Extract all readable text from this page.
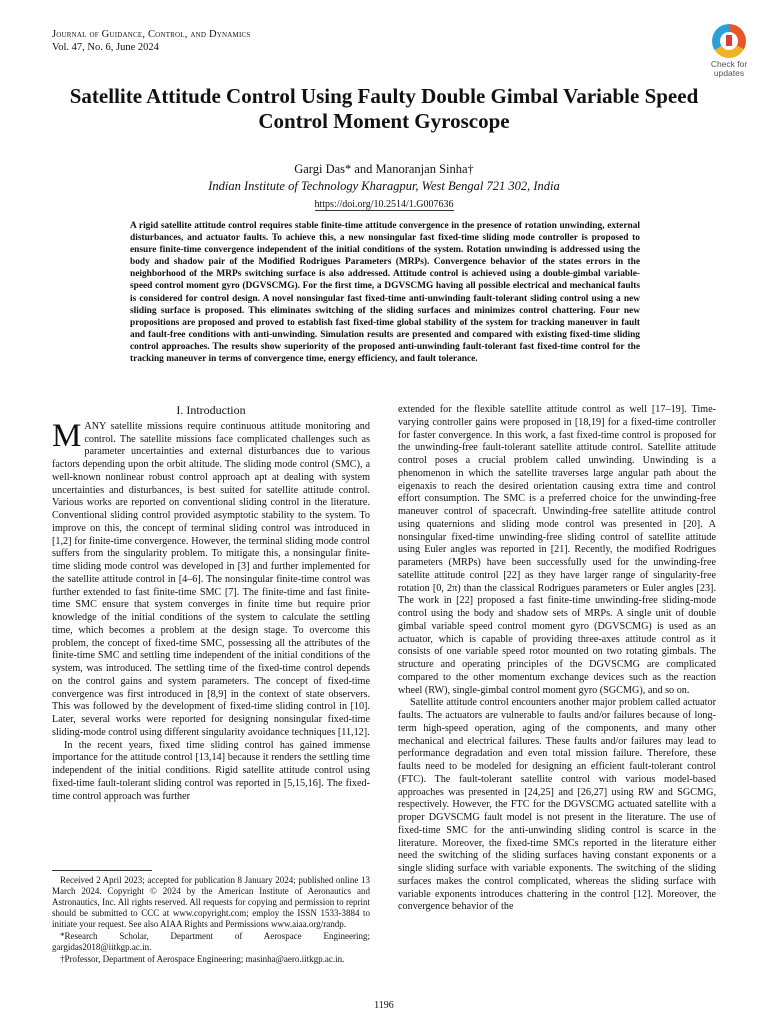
Journal of Guidance, Control, and Dynamics
Vol. 47, No. 6, June 2024
Check for updates
Satellite Attitude Control Using Faulty Double Gimbal Variable Speed Control Moment Gyroscope
Gargi Das* and Manoranjan Sinha†
Indian Institute of Technology Kharagpur, West Bengal 721 302, India
https://doi.org/10.2514/1.G007636
A rigid satellite attitude control requires stable finite-time attitude convergence in the presence of rotation unwinding, external disturbances, and actuator faults. To achieve this, a new nonsingular fast fixed-time sliding mode controller is proposed to ensure finite-time convergence independent of the initial conditions of the system. Rotation unwinding is addressed using the body and shadow pair of the Modified Rodrigues Parameters (MRPs). Convergence behavior of the states errors in the neighborhood of the MRPs switching surface is also addressed. Attitude control is achieved using a double-gimbal variable-speed control moment gyro (DGVSCMG). For the first time, a DGVSCMG having all possible electrical and mechanical faults is considered for control design. A novel nonsingular fast fixed-time anti-unwinding fault-tolerant sliding control using a new sliding surface is proposed. This eliminates switching of the sliding surfaces and minimizes control chattering. Four new propositions are proposed and proved to establish fast fixed-time global stability of the system for tracking maneuver in fault and fault-free conditions with anti-unwinding. Simulation results are presented and compared with existing fixed-time sliding control approaches. The results show superiority of the proposed anti-unwinding fault-tolerant fast fixed-time control for the tracking maneuver in terms of convergence time, energy efficiency, and fault tolerance.
I. Introduction

MANY satellite missions require continuous attitude monitoring and control. The satellite missions face complicated challenges such as parameter uncertainties and external disturbances due to various factors depending upon the orbit altitude. The sliding mode control (SMC), a well-known nonlinear robust control approach apt at dealing with system uncertainties and disturbances, is best suited for satellite attitude control. Various works are reported on conventional sliding control in the literature. Conventional sliding control provided asymptotic stability to the system. To improve on this, the concept of terminal sliding control was introduced in [1,2] for finite-time convergence. However, the terminal sliding mode control suffers from the singularity problem. To mitigate this, a nonsingular finite-time sliding mode control was developed in [3] and further implemented for the satellite attitude control in [4–6]. The nonsingular finite-time control was further extended to fast finite-time SMC [7]. The finite-time and fast finite-time SMC ensure that system converges in finite time but require prior knowledge of the initial conditions of the system to calculate the settling time, which becomes a problem at the design stage. To overcome this problem, the concept of fixed-time SMC, possessing all the attributes of the finite-time SMC and settling time independent of the initial conditions of the system, was introduced. The settling time of the fixed-time control depends on the control gains and system parameters. The concept of fixed-time convergence was first introduced in [8,9] in the context of state observers. This was followed by the development of fixed-time sliding control in [10]. Later, several works were reported for designing nonsingular fixed-time sliding-mode control using different singularity avoidance techniques [11,12].

In the recent years, fixed time sliding control has gained immense importance for the attitude control [13,14] because it renders the settling time independent of the initial conditions. Rigid satellite attitude control using fixed-time fault-tolerant sliding control was reported in [5,15,16]. The fixed-time control approach was further

extended for the flexible satellite attitude control as well [17–19]. Time-varying controller gains were proposed in [18,19] for a fixed-time controller for faster convergence. In this work, a fast fixed-time control is proposed for the unwinding-free fault-tolerant satellite attitude control. Satellite attitude control poses a crucial problem called unwinding. Unwinding is a phenomenon in which the satellite traverses large angular path about the eigenaxis to reach the desired orientation causing extra time and control effort consumption. The SMC is a preferred choice for the unwinding-free maneuver control of spacecraft. Unwinding-free satellite attitude control using quaternions and sliding mode control was presented in [20]. A nonsingular fixed-time unwinding-free sliding control of satellite attitude using Euler angles was reported in [21]. Recently, the modified Rodrigues parameters (MRPs) have been successfully used for the unwinding-free satellite attitude control [22] as they have larger range of singularity-free rotation [0, 2π) than the classical Rodrigues parameters or Euler angles [23]. The work in [22] proposed a fast finite-time unwinding-free sliding-mode control using the body and shadow sets of MRPs. A single unit of double gimbal variable speed control moment gyro (DGVSCMG) is used as an actuator, which is capable of providing three-axes attitude control as it consists of one variable speed rotor mounted on two rotating gimbals. The structure and operating principles of the DGVSCMG are complicated compared to the other momentum exchange devices such as the reaction wheel (RW), single-gimbal control moment gyro (SGCMG), and so on.

Satellite attitude control encounters another major problem called actuator faults. The actuators are vulnerable to faults and/or failures because of long-term high-speed operation, aging of the components, and many other mechanical and electrical failures. These faults and/or failures may lead to performance degradation and even total mission failure. Therefore, these faults need to be modeled for designing an efficient fault-tolerant control (FTC). The fault-tolerant satellite control with various model-based approaches was presented in [24,25] and [26,27] using RW and SGCMG, respectively. However, the FTC for the DGVSCMG actuated satellite with a proper DGVSCMG fault model is not present in the literature. The use of fixed-time SMC for the anti-unwinding sliding control is scarce in the literature. Moreover, the fixed-time SMCs reported in the literature either need the switching of the sliding surfaces having constant exponents or a single sliding surface with variable exponents. The switching of the sliding surfaces makes the control complicated, whereas the sliding surface with variable exponents introduces chattering in the control [12]. Moreover, the convergence behavior of the

Received 2 April 2023; accepted for publication 8 January 2024; published online 13 March 2024. Copyright © 2024 by the American Institute of Aeronautics and Astronautics, Inc. All rights reserved. All requests for copying and permission to reprint should be submitted to CCC at www.copyright.com; employ the ISSN 1533-3884 to initiate your request. See also AIAA Rights and Permissions www.aiaa.org/randp.

*Research Scholar, Department of Aerospace Engineering; gargidas2018@iitkgp.ac.in.

†Professor, Department of Aerospace Engineering; masinha@aero.iitkgp.ac.in.

1196
